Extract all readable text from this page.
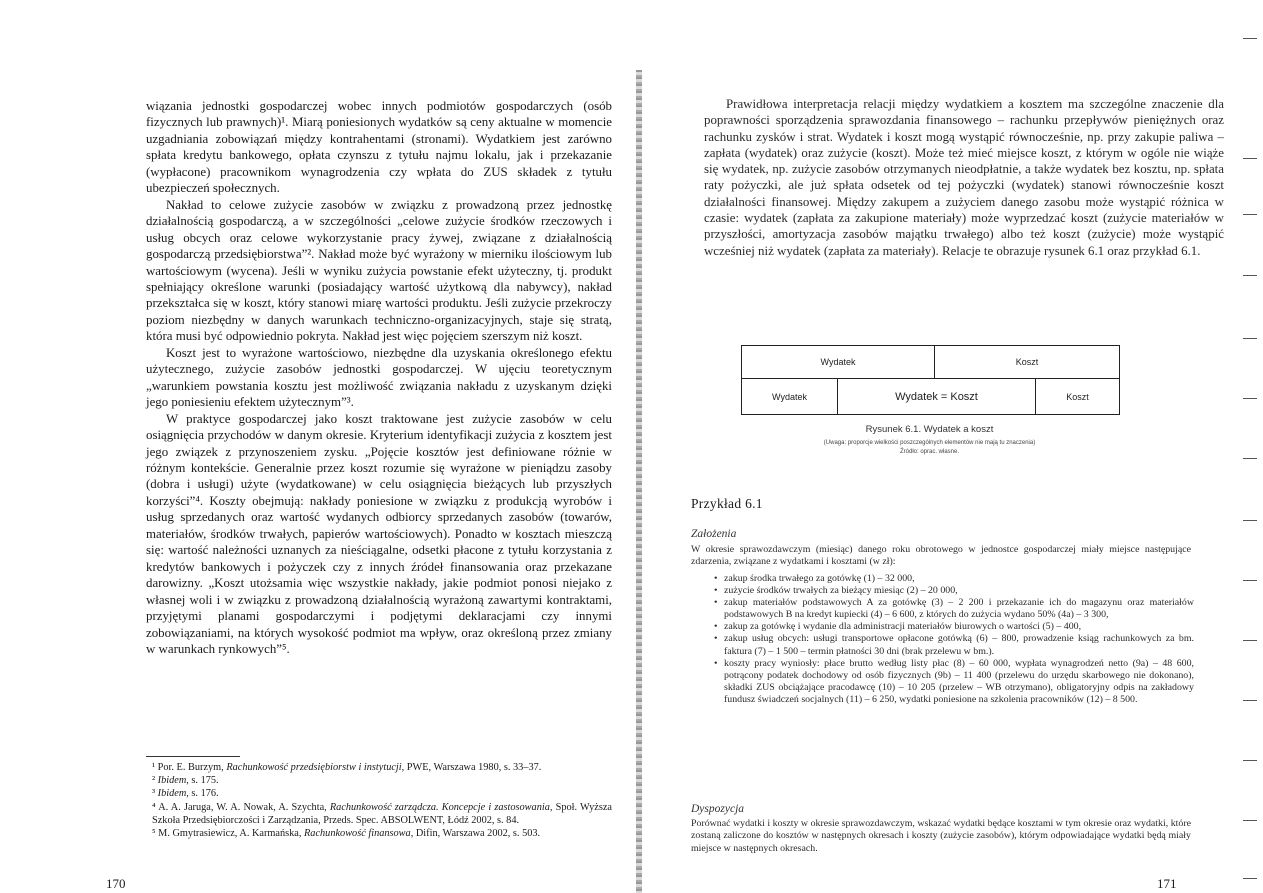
wiązania jednostki gospodarczej wobec innych podmiotów gospodarczych (osób fizycznych lub prawnych)¹. Miarą poniesionych wydatków są ceny aktualne w momencie uzgadniania zobowiązań między kontrahentami (stronami). Wydatkiem jest zarówno spłata kredytu bankowego, opłata czynszu z tytułu najmu lokalu, jak i przekazanie (wypłacone) pracownikom wynagrodzenia czy wpłata do ZUS składek z tytułu ubezpieczeń społecznych.

Nakład to celowe zużycie zasobów w związku z prowadzoną przez jednostkę działalnością gospodarczą, a w szczególności „celowe zużycie środków rzeczowych i usług obcych oraz celowe wykorzystanie pracy żywej, związane z działalnością gospodarczą przedsiębiorstwa”². Nakład może być wyrażony w mierniku ilościowym lub wartościowym (wycena). Jeśli w wyniku zużycia powstanie efekt użyteczny, tj. produkt spełniający określone warunki (posiadający wartość użytkową dla nabywcy), nakład przekształca się w koszt, który stanowi miarę wartości produktu. Jeśli zużycie przekroczy poziom niezbędny w danych warunkach techniczno-organizacyjnych, staje się stratą, która musi być odpowiednio pokryta. Nakład jest więc pojęciem szerszym niż koszt.

Koszt jest to wyrażone wartościowo, niezbędne dla uzyskania określonego efektu użytecznego, zużycie zasobów jednostki gospodarczej. W ujęciu teoretycznym „warunkiem powstania kosztu jest możliwość związania nakładu z uzyskanym dzięki jego poniesieniu efektem użytecznym”³.

W praktyce gospodarczej jako koszt traktowane jest zużycie zasobów w celu osiągnięcia przychodów w danym okresie. Kryterium identyfikacji zużycia z kosztem jest jego związek z przynoszeniem zysku. „Pojęcie kosztów jest definiowane różnie w różnym kontekście. Generalnie przez koszt rozumie się wyrażone w pieniądzu zasoby (dobra i usługi) użyte (wydatkowane) w celu osiągnięcia bieżących lub przyszłych korzyści”⁴. Koszty obejmują: nakłady poniesione w związku z produkcją wyrobów i usług sprzedanych oraz wartość wydanych odbiorcy sprzedanych zasobów (towarów, materiałów, środków trwałych, papierów wartościowych). Ponadto w kosztach mieszczą się: wartość należności uznanych za nieściągalne, odsetki płacone z tytułu korzystania z kredytów bankowych i pożyczek czy z innych źródeł finansowania oraz przekazane darowizny. „Koszt utożsamia więc wszystkie nakłady, jakie podmiot ponosi niejako z własnej woli i w związku z prowadzoną działalnością wyrażoną zawartymi kontraktami, przyjętymi planami gospodarczymi i podjętymi deklaracjami czy innymi zobowiązaniami, na których wysokość podmiot ma wpływ, oraz określoną przez zmiany w warunkach rynkowych”⁵.

¹ Por. E. Burzym, Rachunkowość przedsiębiorstw i instytucji, PWE, Warszawa 1980, s. 33–37.

² Ibidem, s. 175.

³ Ibidem, s. 176.

⁴ A. A. Jaruga, W. A. Nowak, A. Szychta, Rachunkowość zarządcza. Koncepcje i zastosowania, Społ. Wyższa Szkoła Przedsiębiorczości i Zarządzania, Przeds. Spec. ABSOLWENT, Łódź 2002, s. 84.

⁵ M. Gmytrasiewicz, A. Karmańska, Rachunkowość finansowa, Difin, Warszawa 2002, s. 503.

170

Prawidłowa interpretacja relacji między wydatkiem a kosztem ma szczególne znaczenie dla poprawności sporządzenia sprawozdania finansowego – rachunku przepływów pieniężnych oraz rachunku zysków i strat. Wydatek i koszt mogą wystąpić równocześnie, np. przy zakupie paliwa – zapłata (wydatek) oraz zużycie (koszt). Może też mieć miejsce koszt, z którym w ogóle nie wiąże się wydatek, np. zużycie zasobów otrzymanych nieodpłatnie, a także wydatek bez kosztu, np. spłata raty pożyczki, ale już spłata odsetek od tej pożyczki (wydatek) stanowi równocześnie koszt działalności finansowej. Między zakupem a zużyciem danego zasobu może wystąpić różnica w czasie: wydatek (zapłata za zakupione materiały) może wyprzedzać koszt (zużycie materiałów w przyszłości, amortyzacja zasobów majątku trwałego) albo też koszt (zużycie) może wystąpić wcześniej niż wydatek (zapłata za materiały). Relacje te obrazuje rysunek 6.1 oraz przykład 6.1.

Wydatek	Koszt
Wydatek	Wydatek = Koszt	Koszt
Rysunek 6.1. Wydatek a koszt
(Uwaga: proporcje wielkości poszczególnych elementów nie mają tu znaczenia)
Źródło: oprac. własne.
Przykład 6.1
Założenia
W okresie sprawozdawczym (miesiąc) danego roku obrotowego w jednostce gospodarczej miały miejsce następujące zdarzenia, związane z wydatkami i kosztami (w zł):
• zakup środka trwałego za gotówkę (1) – 32 000,
• zużycie środków trwałych za bieżący miesiąc (2) – 20 000,
• zakup materiałów podstawowych A za gotówkę (3) – 2 200 i przekazanie ich do magazynu oraz materiałów podstawowych B na kredyt kupiecki (4) – 6 600, z których do zużycia wydano 50% (4a) – 3 300,
• zakup za gotówkę i wydanie dla administracji materiałów biurowych o wartości (5) – 400,
• zakup usług obcych: usługi transportowe opłacone gotówką (6) – 800, prowadzenie ksiąg rachunkowych za bm. faktura (7) – 1 500 – termin płatności 30 dni (brak przelewu w bm.).
• koszty pracy wyniosły: płace brutto według listy płac (8) – 60 000, wypłata wynagrodzeń netto (9a) – 48 600, potrącony podatek dochodowy od osób fizycznych (9b) – 11 400 (przelewu do urzędu skarbowego nie dokonano), składki ZUS obciążające pracodawcę (10) – 10 205 (przelew – WB otrzymano), obligatoryjny odpis na zakładowy fundusz świadczeń socjalnych (11) – 6 250, wydatki poniesione na szkolenia pracowników (12) – 8 500.
Dyspozycja
Porównać wydatki i koszty w okresie sprawozdawczym, wskazać wydatki będące kosztami w tym okresie oraz wydatki, które zostaną zaliczone do kosztów w następnych okresach i koszty (zużycie zasobów), którym odpowiadające wydatki będą miały miejsce w następnych okresach.
171
